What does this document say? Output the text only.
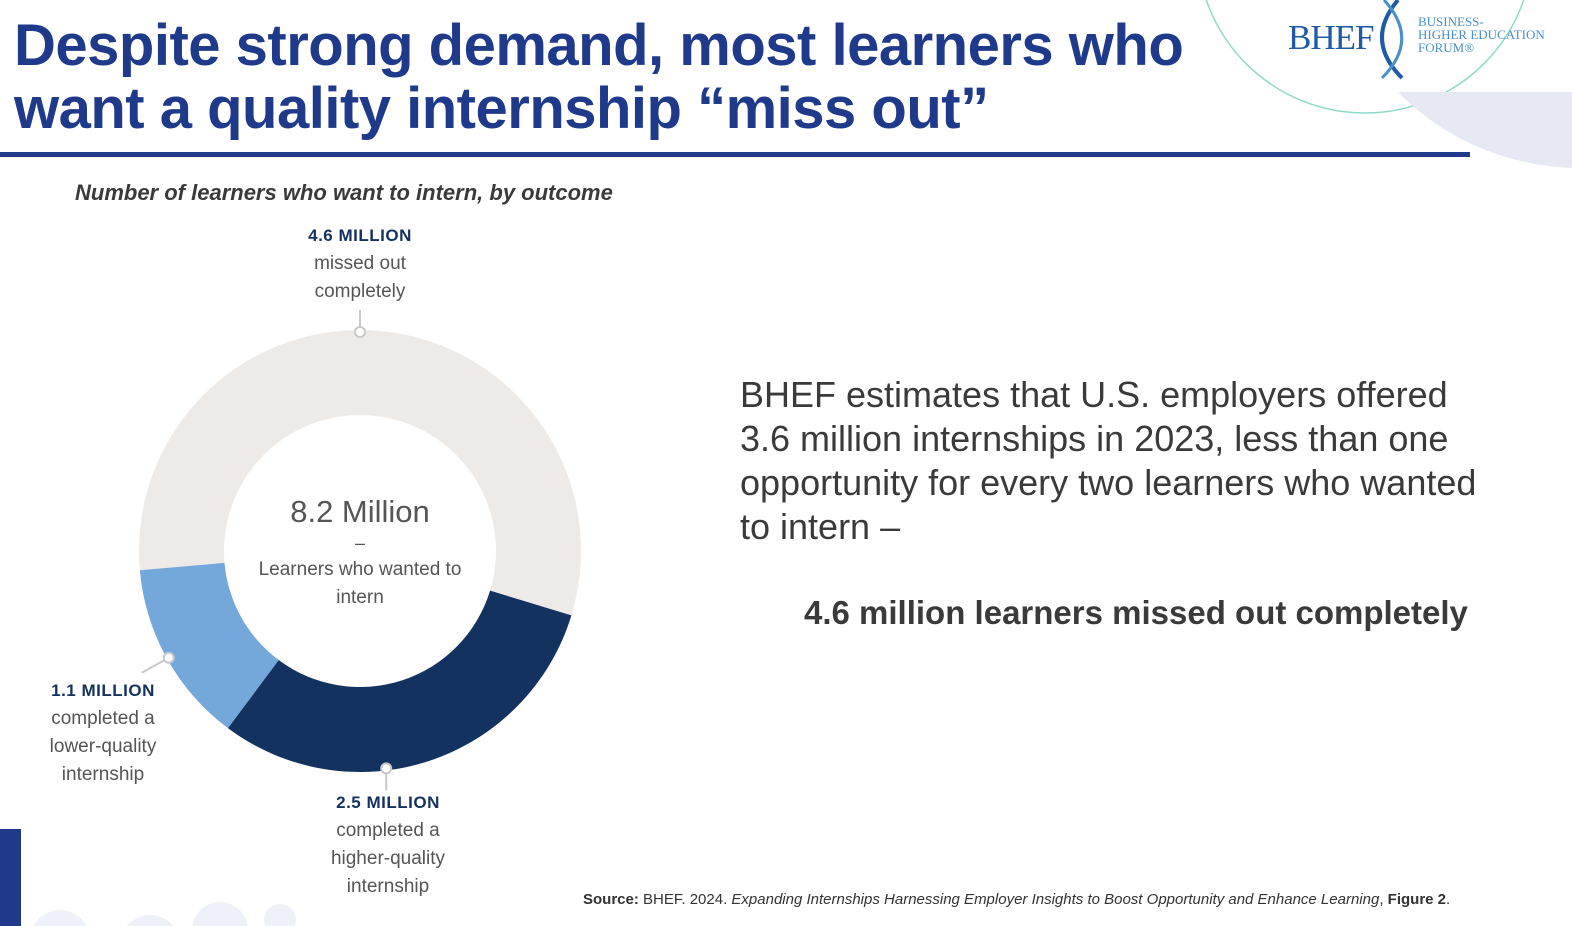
Despite strong demand, most learners who want a quality internship “miss out”
BHEF	BUSINESS-
HIGHER EDUCATION
FORUM®
Number of learners who want to intern, by outcome
4.6 MILLION
missed out completely
2.5 MILLION
completed a higher-quality internship
1.1 MILLION
completed a lower-quality internship
8.2 Million
–
Learners who wanted to intern

BHEF estimates that U.S. employers offered 3.6 million internships in 2023, less than one opportunity for every two learners who wanted to intern –

4.6 million learners missed out completely

Source: BHEF. 2024. Expanding Internships Harnessing Employer Insights to Boost Opportunity and Enhance Learning, Figure 2.
